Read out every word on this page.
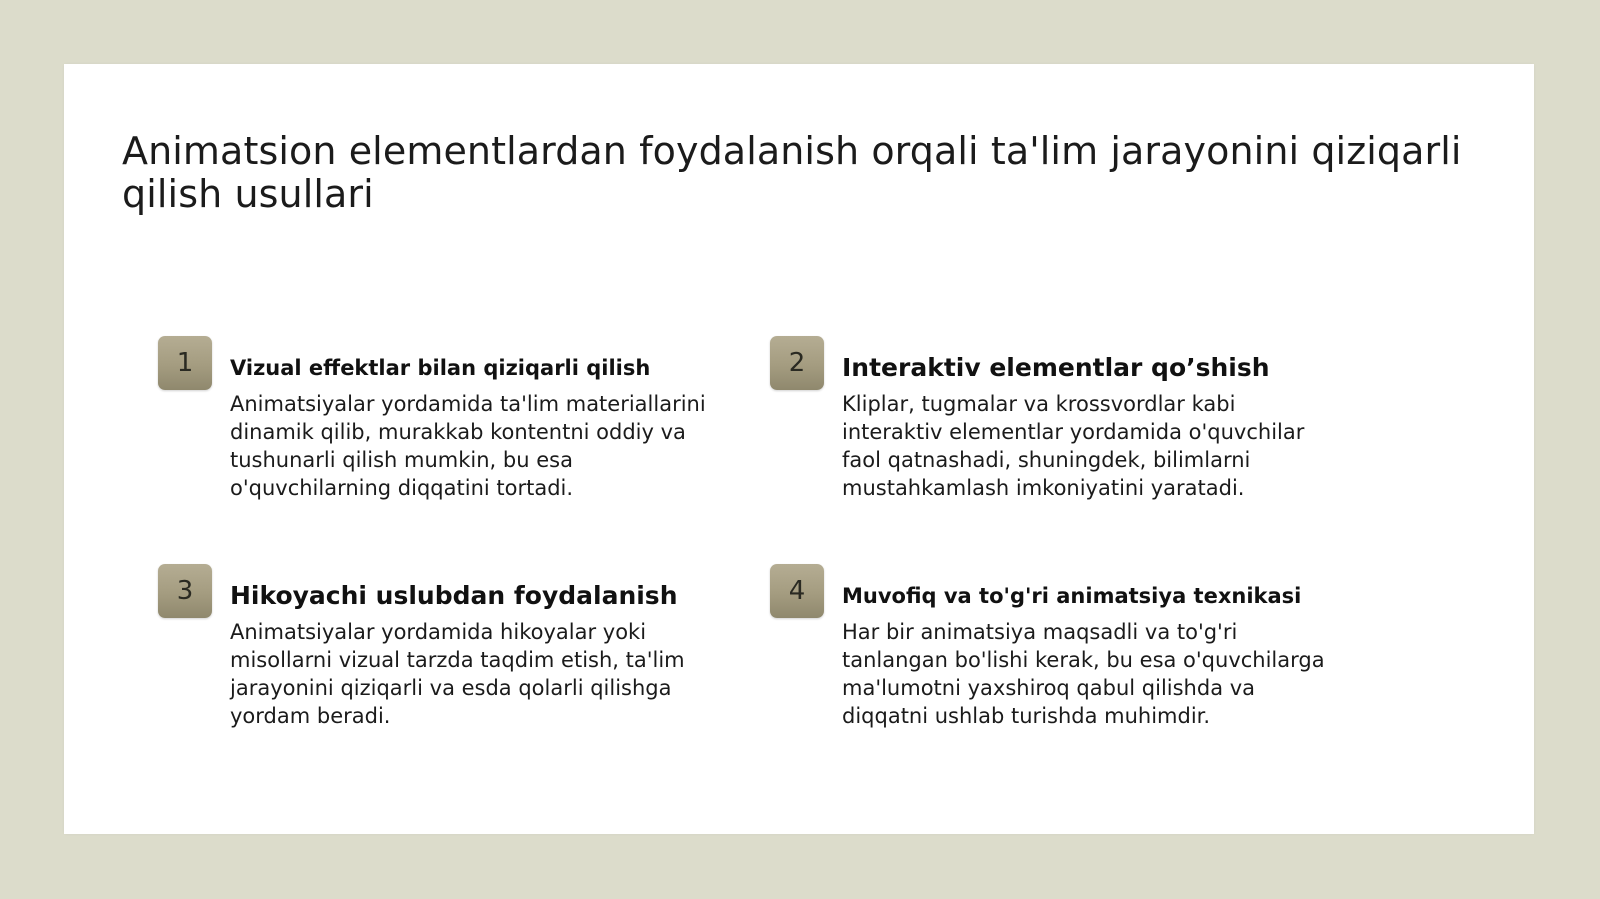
Animatsion elementlardan foydalanish orqali ta'lim jarayonini qiziqarli qilish usullari
1	Vizual effektlar bilan qiziqarli qilish

Animatsiyalar yordamida ta'lim materiallarini dinamik qilib, murakkab kontentni oddiy va tushunarli qilish mumkin, bu esa o'quvchilarning diqqatini tortadi.

2	Interaktiv elementlar qo’shish

Kliplar, tugmalar va krossvordlar kabi interaktiv elementlar yordamida o'quvchilar faol qatnashadi, shuningdek, bilimlarni mustahkamlash imkoniyatini yaratadi.

3	Hikoyachi uslubdan foydalanish

Animatsiyalar yordamida hikoyalar yoki misollarni vizual tarzda taqdim etish, ta'lim jarayonini qiziqarli va esda qolarli qilishga yordam beradi.

4	Muvofiq va to'g'ri animatsiya texnikasi

Har bir animatsiya maqsadli va to'g'ri tanlangan bo'lishi kerak, bu esa o'quvchilarga ma'lumotni yaxshiroq qabul qilishda va diqqatni ushlab turishda muhimdir.
